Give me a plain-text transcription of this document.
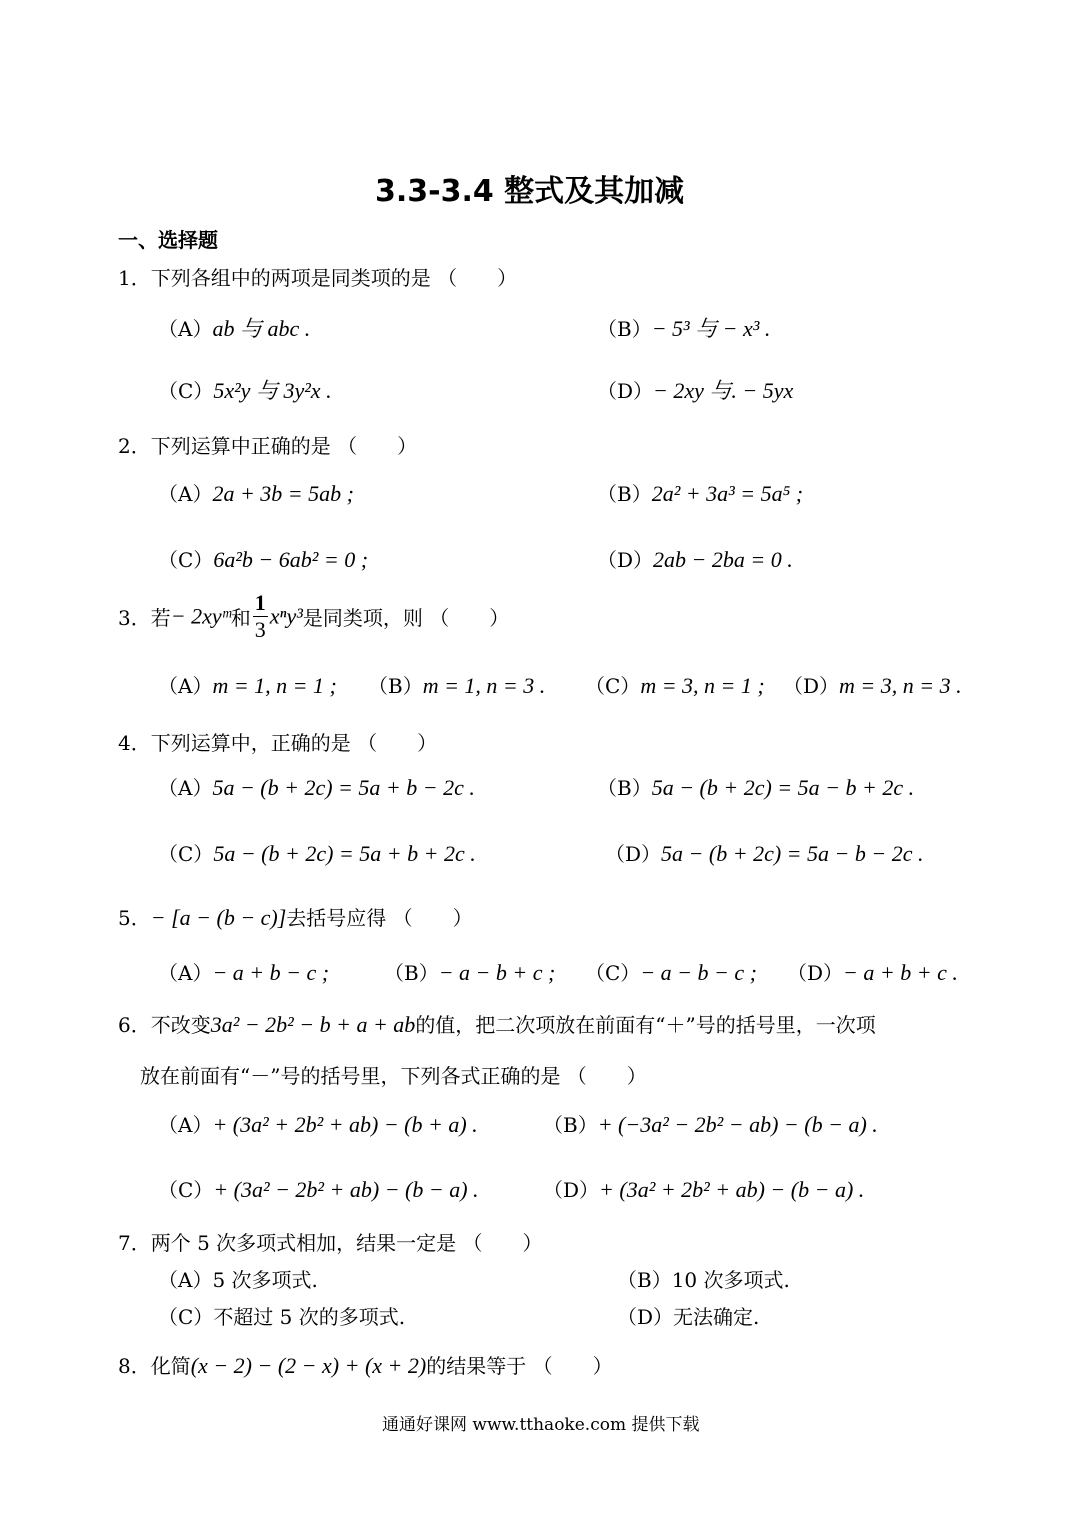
3.3-3.4 整式及其加减
一、选择题
1．下列各组中的两项是同类项的是 （　　）
（A）ab 与 abc .	（B）− 5³ 与 − x³ .
（C）5x²y 与 3y²x .	（D）− 2xy 与. − 5yx
2．下列运算中正确的是 （　　）
（A）2a + 3b = 5ab ;	（B）2a² + 3a³ = 5a⁵ ;
（C）6a²b − 6ab² = 0 ;	（D）2ab − 2ba = 0 .
3．若− 2xyᵐ和 $\frac{1}{3} x^ny^3$是同类项，则 （　　）
（A）m = 1, n = 1 ; （B）m = 1, n = 3 . （C）m = 3, n = 1 ; （D）m = 3, n = 3 .
4．下列运算中，正确的是 （　　）
（A）5a − (b + 2c) = 5a + b − 2c .	（B）5a − (b + 2c) = 5a − b + 2c .
（C）5a − (b + 2c) = 5a + b + 2c .	（D）5a − (b + 2c) = 5a − b − 2c .
5．− [a − (b − c)]去括号应得 （　　）
（A）− a + b − c ;	（B）− a − b + c ; （C）− a − b − c ; （D）− a + b + c .
6．不改变3a² − 2b² − b + a + ab的值，把二次项放在前面有“＋”号的括号里，一次项
放在前面有“－”号的括号里，下列各式正确的是 （　　）
（A）+ (3a² + 2b² + ab) − (b + a) .	（B）+ (−3a² − 2b² − ab) − (b − a) .
（C）+ (3a² − 2b² + ab) − (b − a) .	（D）+ (3a² + 2b² + ab) − (b − a) .
7．两个 5 次多项式相加，结果一定是 （　　）
（A）5 次多项式.	（B）10 次多项式.
（C）不超过 5 次的多项式.	（D）无法确定.
8．化简(x − 2) − (2 − x) + (x + 2)的结果等于 （　　）
通通好课网 www.tthaoke.com 提供下载
